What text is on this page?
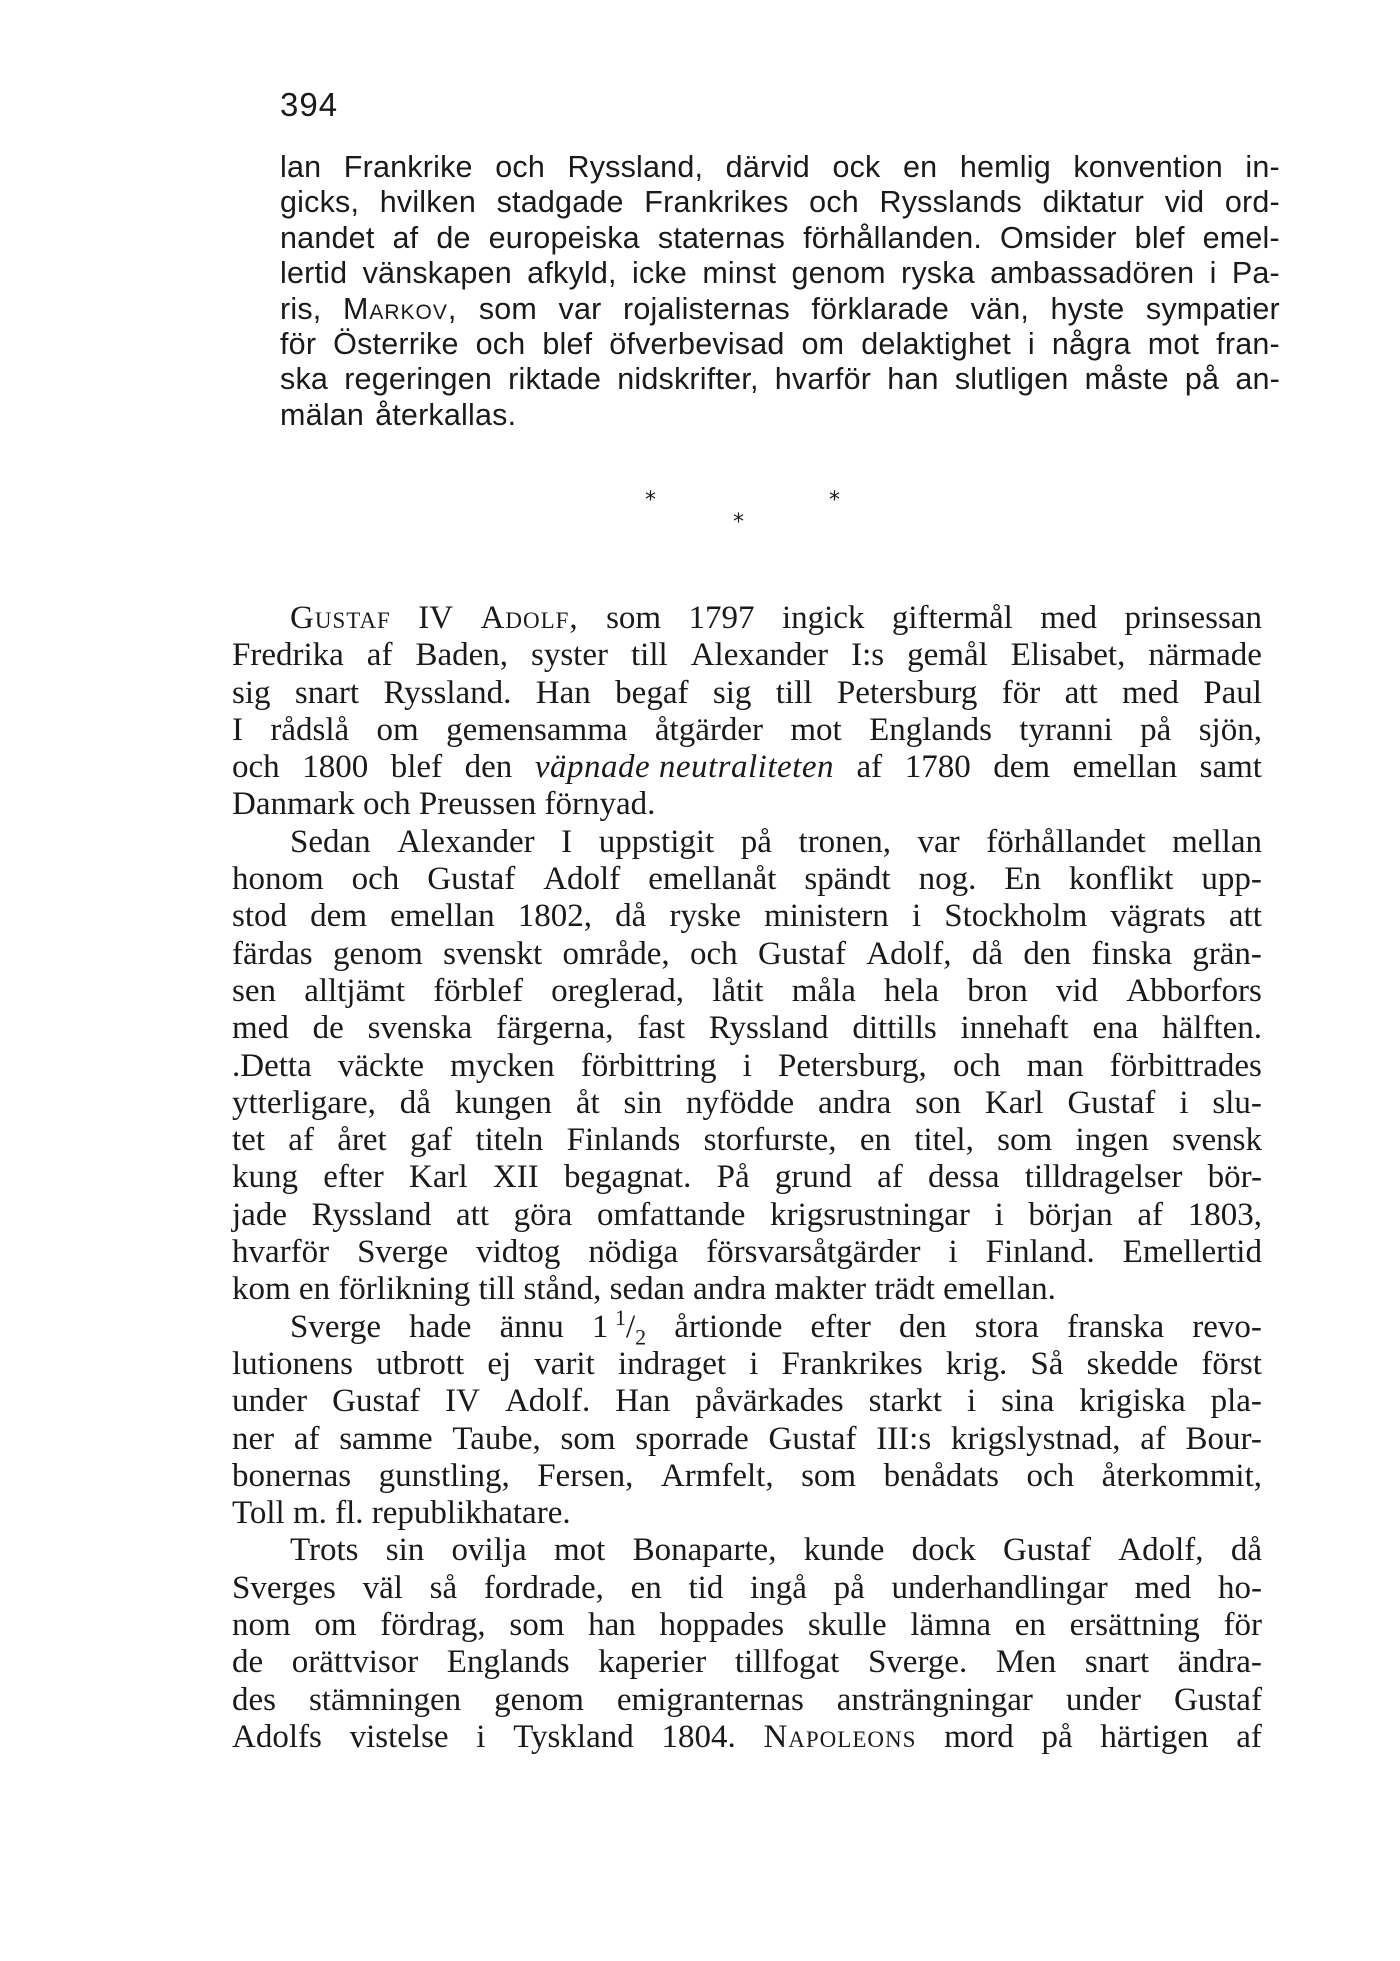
394
lan Frankrike och Ryssland, därvid ock en hemlig konvention in-
gicks, hvilken stadgade Frankrikes och Rysslands diktatur vid ord-
nandet af de europeiska staternas förhållanden. Omsider blef emel-
lertid vänskapen afkyld, icke minst genom ryska ambassadören i Pa-
ris, Markov, som var rojalisternas förklarade vän, hyste sympatier
för Österrike och blef öfverbevisad om delaktighet i några mot fran-
ska regeringen riktade nidskrifter, hvarför han slutligen måste på an-
mälan återkallas.
*
*
*
Gustaf IV Adolf, som 1797 ingick giftermål med prinsessan
Fredrika af Baden, syster till Alexander I:s gemål Elisabet, närmade
sig snart Ryssland. Han begaf sig till Petersburg för att med Paul
I rådslå om gemensamma åtgärder mot Englands tyranni på sjön,
och 1800 blef den väpnade neutraliteten af 1780 dem emellan samt
Danmark och Preussen förnyad.
Sedan Alexander I uppstigit på tronen, var förhållandet mellan
honom och Gustaf Adolf emellanåt spändt nog. En konflikt upp-
stod dem emellan 1802, då ryske ministern i Stockholm vägrats att
färdas genom svenskt område, och Gustaf Adolf, då den finska grän-
sen alltjämt förblef oreglerad, låtit måla hela bron vid Abborfors
med de svenska färgerna, fast Ryssland dittills innehaft ena hälften.
.Detta väckte mycken förbittring i Petersburg, och man förbittrades
ytterligare, då kungen åt sin nyfödde andra son Karl Gustaf i slu-
tet af året gaf titeln Finlands storfurste, en titel, som ingen svensk
kung efter Karl XII begagnat. På grund af dessa tilldragelser bör-
jade Ryssland att göra omfattande krigsrustningar i början af 1803,
hvarför Sverge vidtog nödiga försvarsåtgärder i Finland. Emellertid
kom en förlikning till stånd, sedan andra makter trädt emellan.
Sverge hade ännu 1  $^1/_2$ årtionde efter den stora franska revo-
lutionens utbrott ej varit indraget i Frankrikes krig. Så skedde först
under Gustaf IV Adolf. Han påvärkades starkt i sina krigiska pla-
ner af samme Taube, som sporrade Gustaf III:s krigslystnad, af Bour-
bonernas gunstling, Fersen, Armfelt, som benådats och återkommit,
Toll m. fl. republikhatare.
Trots sin ovilja mot Bonaparte, kunde dock Gustaf Adolf, då
Sverges väl så fordrade, en tid ingå på underhandlingar med ho-
nom om fördrag, som han hoppades skulle lämna en ersättning för
de orättvisor Englands kaperier tillfogat Sverge. Men snart ändra-
des stämningen genom emigranternas ansträngningar under Gustaf
Adolfs vistelse i Tyskland 1804. Napoleons mord på härtigen af
